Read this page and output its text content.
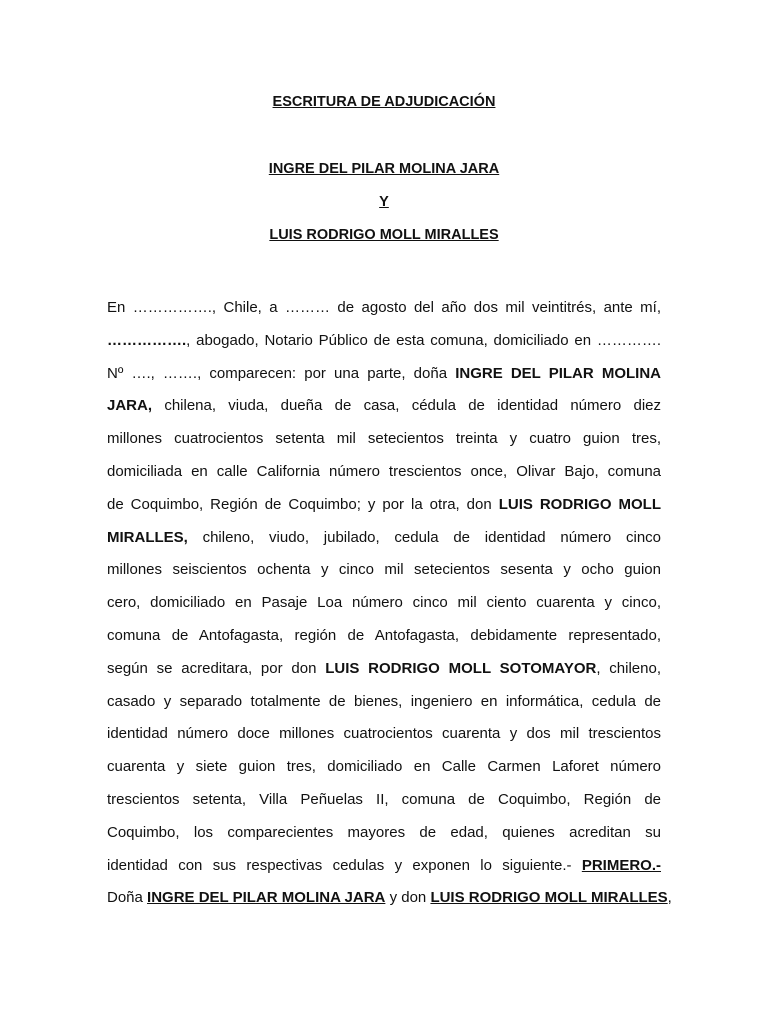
ESCRITURA DE ADJUDICACIÓN
INGRE DEL PILAR MOLINA JARA
Y
LUIS RODRIGO MOLL MIRALLES
En ……………., Chile, a ……… de agosto del año dos mil veintitrés, ante mí,
……………., abogado, Notario Público de esta comuna, domiciliado en ………….
Nº …., ……., comparecen: por una parte, doña INGRE DEL PILAR MOLINA
JARA, chilena, viuda, dueña de casa, cédula de identidad número diez
millones cuatrocientos setenta mil setecientos treinta y cuatro guion tres,
domiciliada en calle California número trescientos once, Olivar Bajo, comuna
de Coquimbo, Región de Coquimbo; y por la otra, don LUIS RODRIGO MOLL
MIRALLES, chileno, viudo, jubilado, cedula de identidad número cinco
millones seiscientos ochenta y cinco mil setecientos sesenta y ocho guion
cero, domiciliado en Pasaje Loa número cinco mil ciento cuarenta y cinco,
comuna de Antofagasta, región de Antofagasta, debidamente representado,
según se acreditara, por don LUIS RODRIGO MOLL SOTOMAYOR, chileno,
casado y separado totalmente de bienes, ingeniero en informática, cedula de
identidad número doce millones cuatrocientos cuarenta y dos mil trescientos
cuarenta y siete guion tres, domiciliado en Calle Carmen Laforet número
trescientos setenta, Villa Peñuelas II, comuna de Coquimbo, Región de
Coquimbo, los comparecientes mayores de edad, quienes acreditan su
identidad con sus respectivas cedulas y exponen lo siguiente.- PRIMERO.-
Doña INGRE DEL PILAR MOLINA JARA y don LUIS RODRIGO MOLL MIRALLES,
